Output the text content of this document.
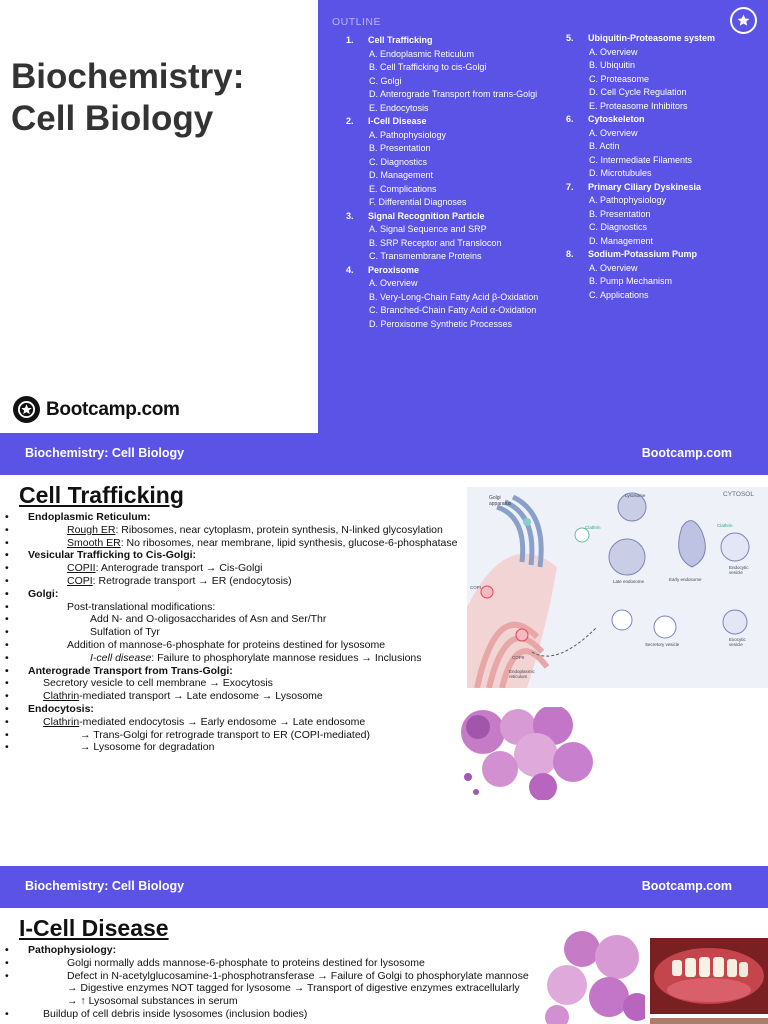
Biochemistry:
Cell Biology
Bootcamp.com
OUTLINE
1.	Cell Trafficking
A. Endoplasmic Reticulum
B. Cell Trafficking to cis-Golgi
C. Golgi
D. Anterograde Transport from trans-Golgi
E. Endocytosis
2.	I-Cell Disease
A. Pathophysiology
B. Presentation
C. Diagnostics
D. Management
E. Complications
F. Differential Diagnoses
3.	Signal Recognition Particle
A. Signal Sequence and SRP
B. SRP Receptor and Translocon
C. Transmembrane Proteins
4.	Peroxisome
A. Overview
B. Very-Long-Chain Fatty Acid β-Oxidation
C. Branched-Chain Fatty Acid α-Oxidation
D. Peroxisome Synthetic Processes
5.	Ubiquitin-Proteasome system
A. Overview
B. Ubiquitin
C. Proteasome
D. Cell Cycle Regulation
E. Proteasome Inhibitors
6.	Cytoskeleton
A. Overview
B. Actin
C. Intermediate Filaments
D. Microtubules
7.	Primary Ciliary Dyskinesia
A. Pathophysiology
B. Presentation
C. Diagnostics
D. Management
8.	Sodium-Potassium Pump
A. Overview
B. Pump Mechanism
C. Applications
Biochemistry: Cell Biology	Bootcamp.com
Cell Trafficking
• Endoplasmic Reticulum:
• Rough ER: Ribosomes, near cytoplasm, protein synthesis, N-linked glycosylation
• Smooth ER: No ribosomes, near membrane, lipid synthesis, glucose-6-phosphatase
• Vesicular Trafficking to Cis-Golgi:
• COPII: Anterograde transport → Cis-Golgi
• COPI: Retrograde transport → ER (endocytosis)
• Golgi:
• Post-translational modifications:
• Add N- and O-oligosaccharides of Asn and Ser/Thr
• Sulfation of Tyr
• Addition of mannose-6-phosphate for proteins destined for lysosome
• I-cell disease: Failure to phosphorylate mannose residues → Inclusions
• Anterograde Transport from Trans-Golgi:
• Secretory vesicle to cell membrane → Exocytosis
• Clathrin-mediated transport → Late endosome → Lysosome
• Endocytosis:
• Clathrin-mediated endocytosis → Early endosome → Late endosome
• → Trans-Golgi for retrograde transport to ER (COPI-mediated)
• → Lysosome for degradation
CYTOSOL
Golgi apparatus
Lysosome
Clathrin	Clathrin
COPI
COPII
Late endosome	Early endosome
Endocytic vesicle
Secretory vesicle
Exocytic vesicle
Endoplasmic reticulum
Biochemistry: Cell Biology	Bootcamp.com
I-Cell Disease
• Pathophysiology:
• Golgi normally adds mannose-6-phosphate to proteins destined for lysosome
• Defect in N-acetylglucosamine-1-phosphotransferase → Failure of Golgi to phosphorylate mannose
→ Digestive enzymes NOT tagged for lysosome → Transport of digestive enzymes extracellularly
→ ↑ Lysosomal substances in serum
• Buildup of cell debris inside lysosomes (inclusion bodies)
